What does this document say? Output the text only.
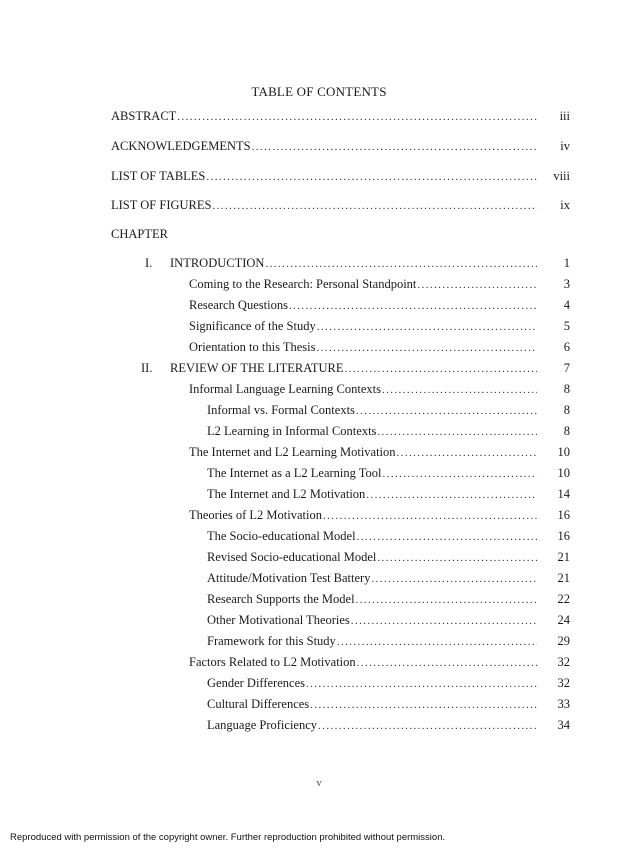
TABLE OF CONTENTS
ABSTRACT .....	iii
ACKNOWLEDGEMENTS .....	iv
LIST OF TABLES .....	viii
LIST OF FIGURES .....	ix
CHAPTER
I. INTRODUCTION .....	1
Coming to the Research: Personal Standpoint .....	3
Research Questions .....	4
Significance of the Study .....	5
Orientation to this Thesis .....	6
II. REVIEW OF THE LITERATURE .....	7
Informal Language Learning Contexts .....	8
Informal vs. Formal Contexts .....	8
L2 Learning in Informal Contexts .....	8
The Internet and L2 Learning Motivation .....	10
The Internet as a L2 Learning Tool .....	10
The Internet and L2 Motivation .....	14
Theories of L2 Motivation .....	16
The Socio-educational Model .....	16
Revised Socio-educational Model .....	21
Attitude/Motivation Test Battery .....	21
Research Supports the Model .....	22
Other Motivational Theories .....	24
Framework for this Study .....	29
Factors Related to L2 Motivation .....	32
Gender Differences .....	32
Cultural Differences .....	33
Language Proficiency .....	34
v
Reproduced with permission of the copyright owner. Further reproduction prohibited without permission.
